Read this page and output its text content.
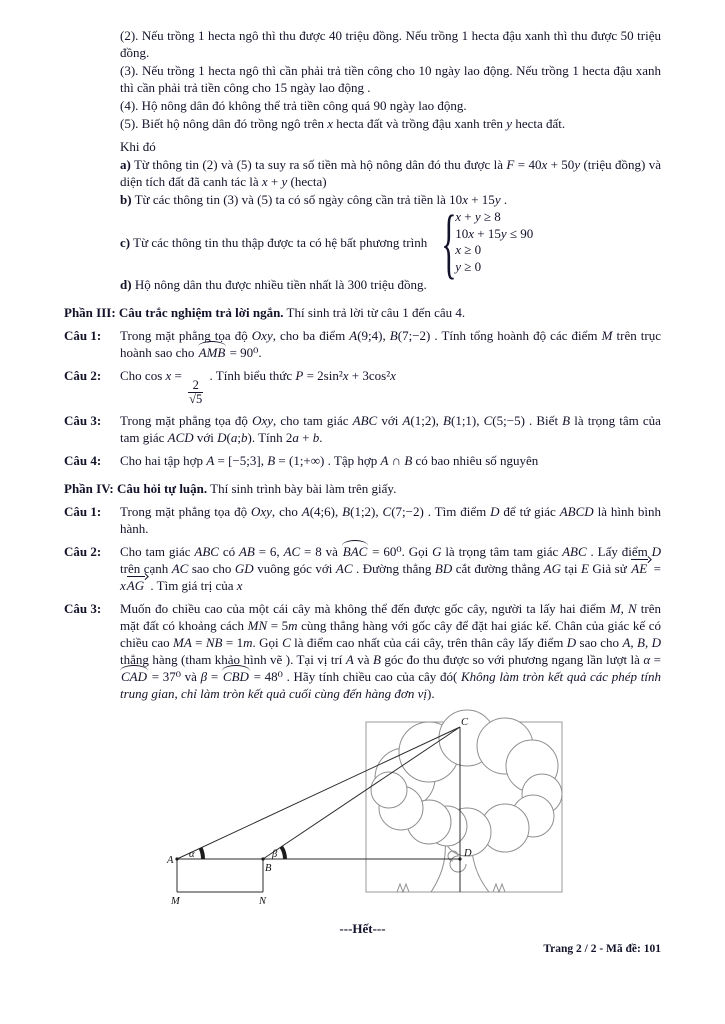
(2). Nếu trồng 1 hecta ngô thì thu được 40 triệu đồng. Nếu trồng 1 hecta đậu xanh thì thu được 50 triệu đồng.

(3). Nếu trồng 1 hecta ngô thì cần phải trả tiền công cho 10 ngày lao động. Nếu trồng 1 hecta đậu xanh thì cần phải trả tiền công cho 15 ngày lao động .

(4). Hộ nông dân đó không thể trả tiền công quá 90 ngày lao động.

(5). Biết hộ nông dân đó trồng ngô trên x hecta đất và trồng đậu xanh trên y hecta đất.

Khi đó

a) Từ thông tin (2) và (5) ta suy ra số tiền mà hộ nông dân đó thu được là F = 40x + 50y (triệu đồng) và diện tích đất đã canh tác là x + y (hecta)

b) Từ các thông tin (3) và (5) ta có số ngày công cần trả tiền là 10x + 15y .

c) Từ các thông tin thu thập được ta có hệ bất phương trình {
x + y ≥ 8
10x + 15y ≤ 90
x ≥ 0
y ≥ 0

d) Hộ nông dân thu được nhiều tiền nhất là 300 triệu đồng.

Phần III: Câu trắc nghiệm trả lời ngắn. Thí sinh trả lời từ câu 1 đến câu 4.

Câu 1: Trong mặt phẳng tọa độ Oxy, cho ba điểm A(9;4), B(7;−2) . Tính tổng hoành độ các điểm M trên trục hoành sao cho AMB = 90⁰.
Câu 2: Cho cos x =
$\frac{2}{√5}$
. Tính biểu thức P = 2sin²x + 3cos²x
Câu 3: Trong mặt phẳng tọa độ Oxy, cho tam giác ABC với A(1;2), B(1;1), C(5;−5) . Biết B là trọng tâm của tam giác ACD với D(a;b). Tính 2a + b.
Câu 4: Cho hai tập hợp A = [−5;3], B = (1;+∞) . Tập hợp A ∩ B có bao nhiêu số nguyên

Phần IV: Câu hỏi tự luận. Thí sinh trình bày bài làm trên giấy.

Câu 1: Trong mặt phẳng tọa độ Oxy, cho A(4;6), B(1;2), C(7;−2) . Tìm điểm D để tứ giác ABCD là hình bình hành.
Câu 2: Cho tam giác ABC có AB = 6, AC = 8 và BAC = 60⁰. Gọi G là trọng tâm tam giác ABC . Lấy điểm D trên cạnh AC sao cho GD vuông góc với AC . Đường thẳng BD cắt đường thẳng AG tại E Giả sử AE = xAG . Tìm giá trị của x
Câu 3: Muốn đo chiều cao của một cái cây mà không thể đến được gốc cây, người ta lấy hai điểm M, N trên mặt đất có khoảng cách MN = 5m cùng thẳng hàng với gốc cây để đặt hai giác kế. Chân của giác kế có chiều cao MA = NB = 1m. Gọi C là điểm cao nhất của cái cây, trên thân cây lấy điểm D sao cho A, B, D thẳng hàng (tham khảo hình vẽ ). Tại vị trí A và B góc đo thu được so với phương ngang lần lượt là α = CAD = 37⁰ và β = CBD = 48⁰ . Hãy tính chiều cao của cây đó( Không làm tròn kết quả các phép tính trung gian, chỉ làm tròn kết quả cuối cùng đến hàng đơn vị).
C
A
B
D
M	N
α	β

---Hết---

Trang 2 / 2 - Mã đề: 101
